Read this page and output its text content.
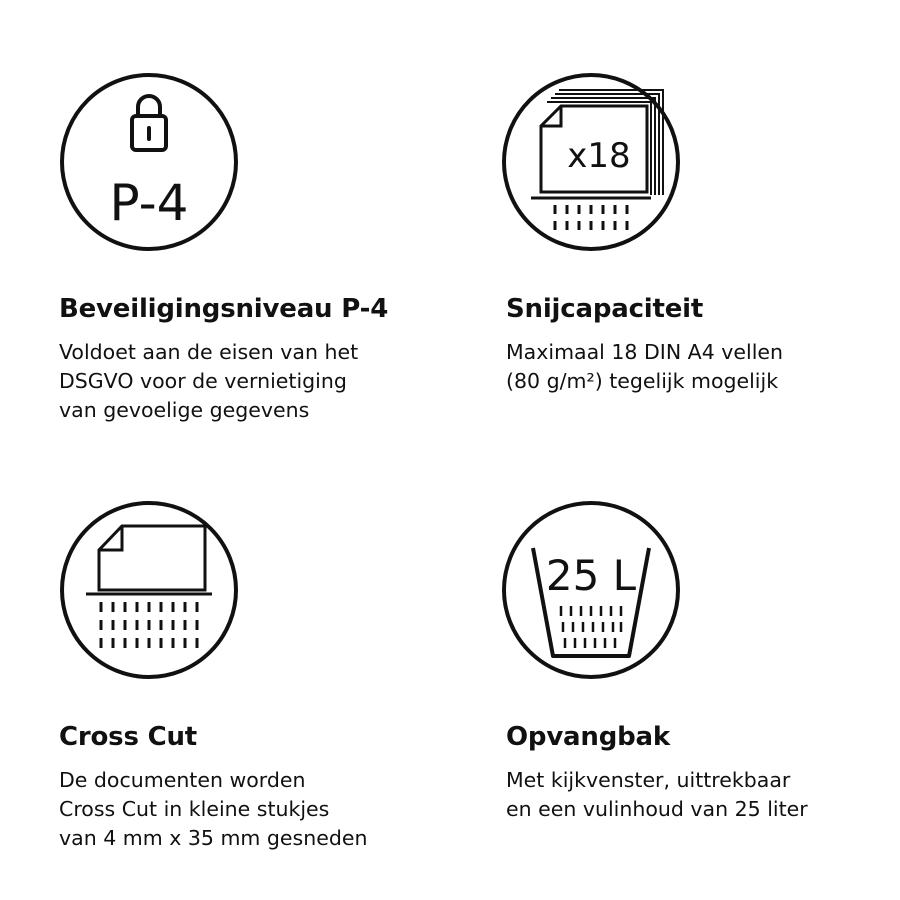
P-4
Beveiligingsniveau P-4

Voldoet aan de eisen van het
DSGVO voor de vernietiging
van gevoelige gegevens

x18
Snijcapaciteit

Maximaal 18 DIN A4 vellen
(80 g/m²) tegelijk mogelijk

Cross Cut

De documenten worden
Cross Cut in kleine stukjes
van 4 mm x 35 mm gesneden

25 L
Opvangbak

Met kijkvenster, uittrekbaar
en een vulinhoud van 25 liter
